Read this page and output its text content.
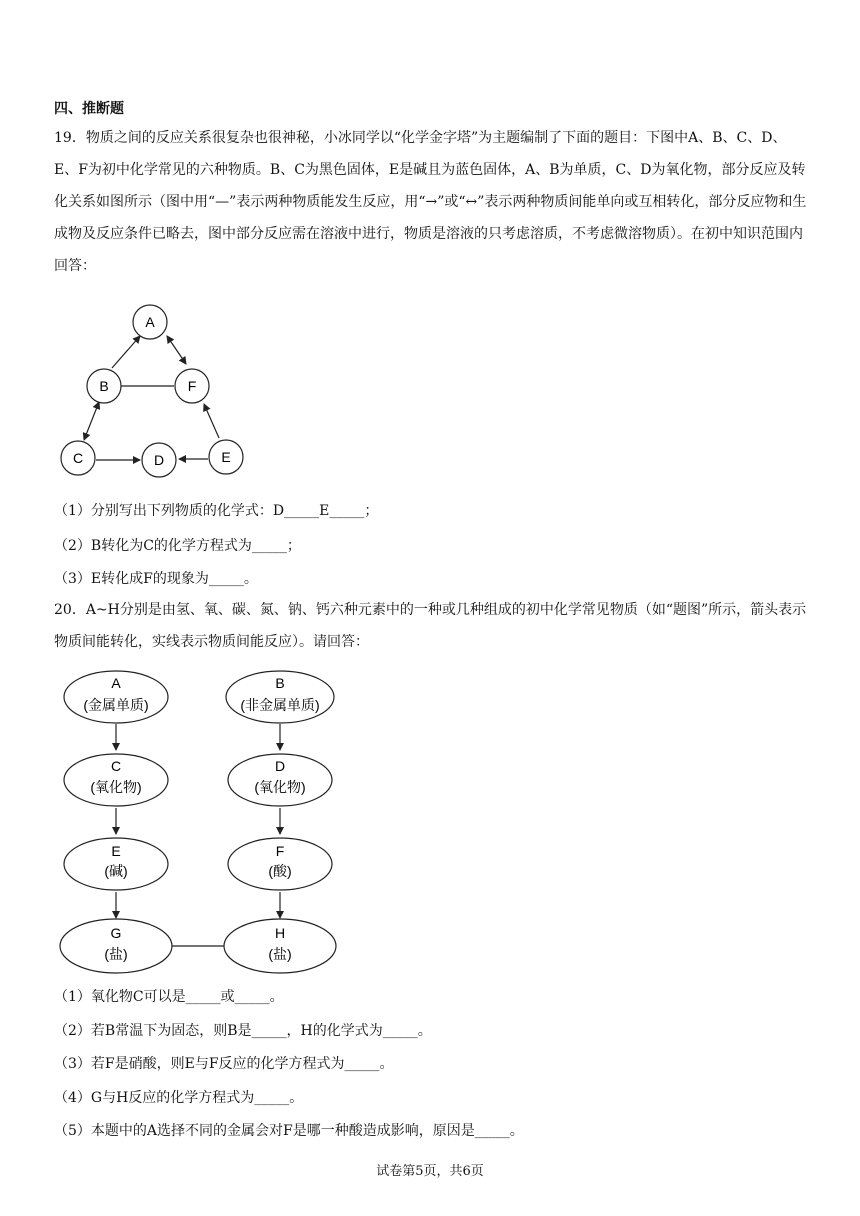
四、推断题
19．物质之间的反应关系很复杂也很神秘，小冰同学以“化学金字塔”为主题编制了下面的题目：下图中A、B、C、D、E、F为初中化学常见的六种物质。B、C为黑色固体，E是碱且为蓝色固体，A、B为单质，C、D为氧化物，部分反应及转化关系如图所示（图中用“—”表示两种物质能发生反应，用“→”或“↔”表示两种物质间能单向或互相转化，部分反应物和生成物及反应条件已略去，图中部分反应需在溶液中进行，物质是溶液的只考虑溶质，不考虑微溶物质）。在初中知识范围内回答：
A
B	F
C	D	E
（1）分别写出下列物质的化学式：D_____E_____；
（2）B转化为C的化学方程式为_____；
（3）E转化成F的现象为_____。
20．A~H分别是由氢、氧、碳、氮、钠、钙六种元素中的一种或几种组成的初中化学常见物质（如“题图”所示，箭头表示物质间能转化，实线表示物质间能反应）。请回答：
A
(金属单质)
B
(非金属单质)
C
(氧化物)
D
(氧化物)
E
(碱)
F
(酸)
G
(盐)
H
(盐)
（1）氧化物C可以是_____或_____。
（2）若B常温下为固态，则B是_____，H的化学式为_____。
（3）若F是硝酸，则E与F反应的化学方程式为_____。
（4）G与H反应的化学方程式为_____。
（5）本题中的A选择不同的金属会对F是哪一种酸造成影响，原因是_____。
试卷第5页，共6页
